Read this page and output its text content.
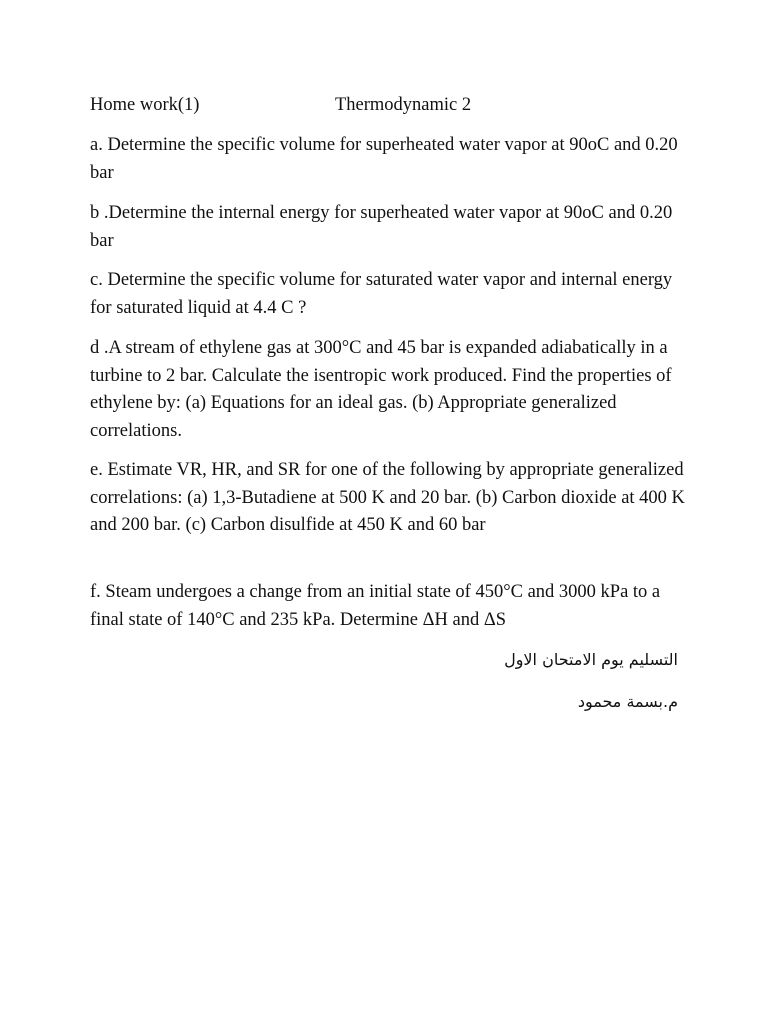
Home work(1)	Thermodynamic 2

a. Determine the specific volume for superheated water vapor at 90oC and 0.20 bar

b .Determine the internal energy for superheated water vapor at 90oC and 0.20 bar

c. Determine the specific volume for saturated water vapor and internal energy for saturated liquid at 4.4 C ?

d .A stream of ethylene gas at 300°C and 45 bar is expanded adiabatically in a turbine to 2 bar. Calculate the isentropic work produced. Find the properties of ethylene by: (a) Equations for an ideal gas. (b) Appropriate generalized correlations.

e. Estimate VR, HR, and SR for one of the following by appropriate generalized correlations: (a) 1,3-Butadiene at 500 K and 20 bar. (b) Carbon dioxide at 400 K and 200 bar. (c) Carbon disulfide at 450 K and 60 bar

f. Steam undergoes a change from an initial state of 450°C and 3000 kPa to a final state of 140°C and 235 kPa. Determine ΔH and ΔS

التسليم يوم الامتحان الاول
م.بسمة محمود
